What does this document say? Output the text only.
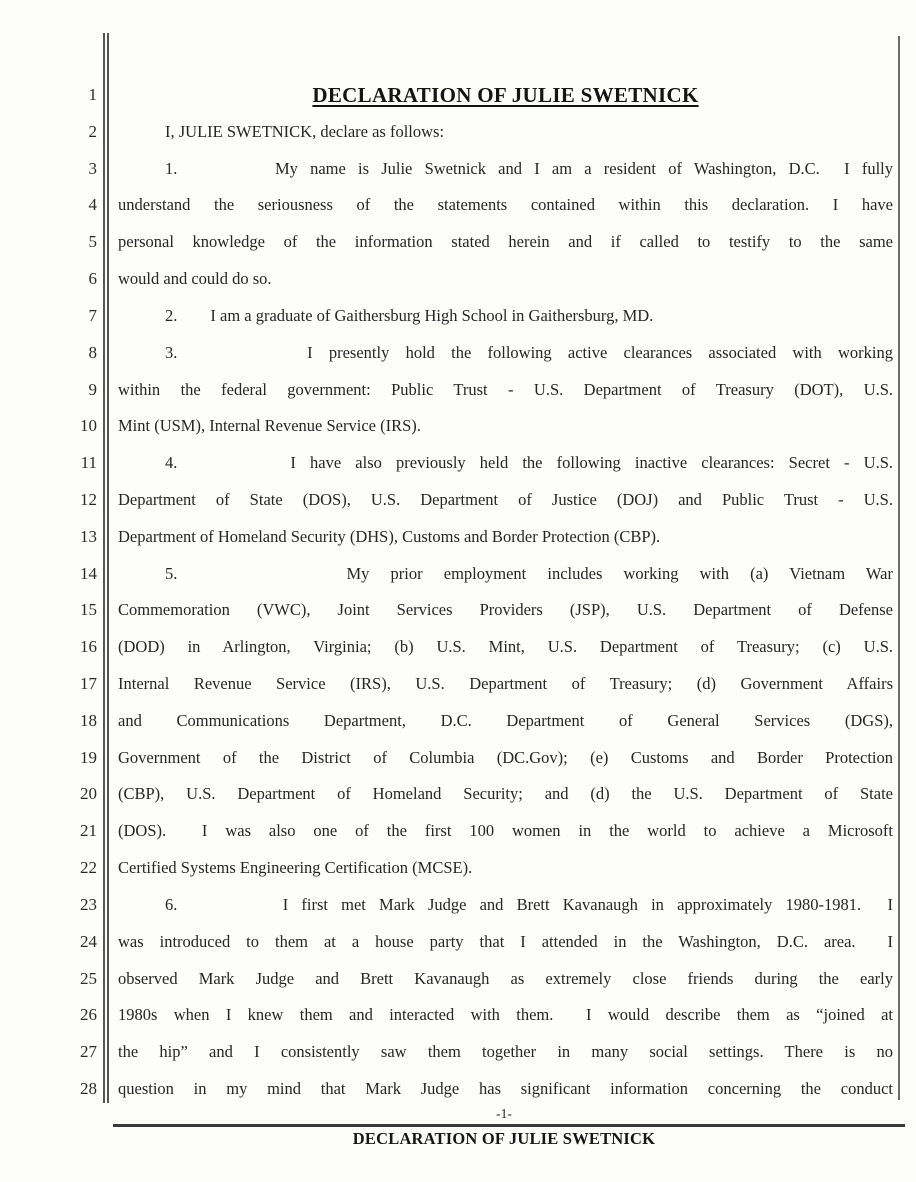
1	DECLARATION OF JULIE SWETNICK
2	I, JULIE SWETNICK, declare as follows:
3	1.        My name is Julie Swetnick and I am a resident of Washington, D.C.  I fully
4 understand the seriousness of the statements contained within this declaration. I have
5 personal knowledge of the information stated herein and if called to testify to the same
6 would and could do so.
7	2.        I am a graduate of Gaithersburg High School in Gaithersburg, MD.
8	3.        I presently hold the following active clearances associated with working
9 within the federal government: Public Trust - U.S. Department of Treasury (DOT), U.S.
10 Mint (USM), Internal Revenue Service (IRS).
11	4.        I have also previously held the following inactive clearances: Secret - U.S.
12 Department of State (DOS), U.S. Department of Justice (DOJ) and Public Trust - U.S.
13 Department of Homeland Security (DHS), Customs and Border Protection (CBP).
14	5.        My prior employment includes working with (a) Vietnam War
15 Commemoration (VWC), Joint Services Providers (JSP), U.S. Department of Defense
16 (DOD) in Arlington, Virginia; (b) U.S. Mint, U.S. Department of Treasury; (c) U.S.
17 Internal Revenue Service (IRS), U.S. Department of Treasury; (d) Government Affairs
18 and Communications Department, D.C. Department of General Services (DGS),
19 Government of the District of Columbia (DC.Gov); (e) Customs and Border Protection
20 (CBP), U.S. Department of Homeland Security; and (d) the U.S. Department of State
21 (DOS).  I was also one of the first 100 women in the world to achieve a Microsoft
22 Certified Systems Engineering Certification (MCSE).
23	6.        I first met Mark Judge and Brett Kavanaugh in approximately 1980-1981.  I
24 was introduced to them at a house party that I attended in the Washington, D.C. area.  I
25 observed Mark Judge and Brett Kavanaugh as extremely close friends during the early
26 1980s when I knew them and interacted with them.  I would describe them as “joined at
27 the hip” and I consistently saw them together in many social settings. There is no
28 question in my mind that Mark Judge has significant information concerning the conduct
-1-
DECLARATION OF JULIE SWETNICK
